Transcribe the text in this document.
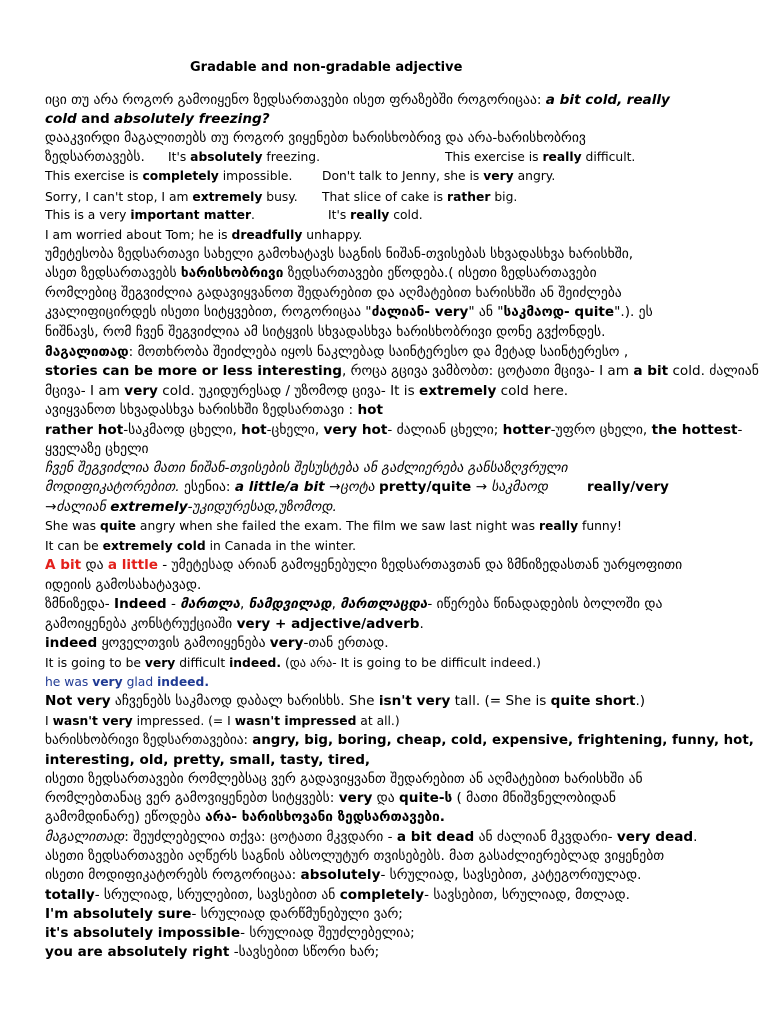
Gradable and non-gradable adjective
იცი თუ არა როგორ გამოიყენო ზედსართავები ისეთ ფრაზებში როგორიცაა: a bit cold, really
cold and absolutely freezing?
დააკვირდი მაგალითებს თუ როგორ ვიყენებთ ხარისხობრივ და არა-ხარისხობრივ
ზედსართავებს. It's absolutely freezing.	This exercise is really difficult.
This exercise is completely impossible. Don't talk to Jenny, she is very angry.
Sorry, I can't stop, I am extremely busy. That slice of cake is rather big.
This is a very important matter.	It's really cold.
I am worried about Tom; he is dreadfully unhappy.
უმეტესობა ზედსართავი სახელი გამოხატავს საგნის ნიშან-თვისებას სხვადასხვა ხარისხში,
ასეთ ზედსართავებს ხარისხობრივი ზედსართავები ეწოდება.( ისეთი ზედსართავები
რომლებიც შეგვიძლია გადავიყვანოთ შედარებით და აღმატებით ხარისხში ან შეიძლება
კვალიფიცირდეს ისეთი სიტყვებით, როგორიცაა "ძალიან- very" ან "საკმაოდ- quite".). ეს
ნიშნავს, რომ ჩვენ შეგვიძლია ამ სიტყვის სხვადასხვა ხარისხობრივი დონე გვქონდეს.
მაგალითად: მოთხრობა შეიძლება იყოს ნაკლებად საინტერესო და მეტად საინტერესო ,
stories can be more or less interesting, როცა გცივა ვამბობთ: ცოტათი მცივა- I am a bit cold. ძალიან
მცივა- I am very cold. უკიდურესად / უზომოდ ცივა- It is extremely cold here.
ავიყვანოთ სხვადასხვა ხარისხში ზედსართავი : hot
rather hot-საკმაოდ ცხელი, hot-ცხელი, very hot- ძალიან ცხელი; hotter-უფრო ცხელი, the hottest-
ყველაზე ცხელი
ჩვენ შეგვიძლია მათი ნიშან-თვისების შესუსტება ან გაძლიერება განსაზღვრული
მოდიფიკატორებით. ესენია: a little/a bit →ცოტა pretty/quite → საკმაოდ	really/very
→ძალიან extremely-უკიდურესად,უზომოდ.
She was quite angry when she failed the exam. The film we saw last night was really funny!
It can be extremely cold in Canada in the winter.
A bit და a little - უმეტესად არიან გამოყენებული ზედსართავთან და ზმნიზედასთან უარყოფითი
იდეიის გამოსახატავად.
ზმნიზედა- Indeed - მართლა, ნამდვილად, მართლაცდა- იწერება წინადადების ბოლოში და
გამოიყენება კონსტრუქციაში very + adjective/adverb.
indeed ყოველთვის გამოიყენება very-თან ერთად.
It is going to be very difficult indeed. (და არა- It is going to be difficult indeed.)
he was very glad indeed.
Not very აჩვენებს საკმაოდ დაბალ ხარისხს. She isn't very tall. (= She is quite short.)
I wasn't very impressed. (= I wasn't impressed at all.)
ხარისხობრივი ზედსართავებია: angry, big, boring, cheap, cold, expensive, frightening, funny, hot,
interesting, old, pretty, small, tasty, tired,
ისეთი ზედსართავები რომლებსაც ვერ გადავიყვანთ შედარებით ან აღმატებით ხარისხში ან
რომლებთანაც ვერ გამოვიყენებთ სიტყვებს: very და quite-ს ( მათი მნიშვნელობიდან
გამომდინარე) ეწოდება არა- ხარისხოვანი ზედსართავები.
მაგალითად: შეუძლებელია თქვა: ცოტათი მკვდარი - a bit dead ან ძალიან მკვდარი- very dead.
ასეთი ზედსართავები აღწერს საგნის აბსოლუტურ თვისებებს. მათ გასაძლიერებლად ვიყენებთ
ისეთი მოდიფიკატორებს როგორიცაა: absolutely- სრულიად, სავსებით, კატეგორიულად.
totally- სრულიად, სრულებით, სავსებით ან completely- სავსებით, სრულიად, მთლად.
I'm absolutely sure- სრულიად დარწმუნებული ვარ;
it's absolutely impossible- სრულიად შეუძლებელია;
you are absolutely right -სავსებით სწორი ხარ;
